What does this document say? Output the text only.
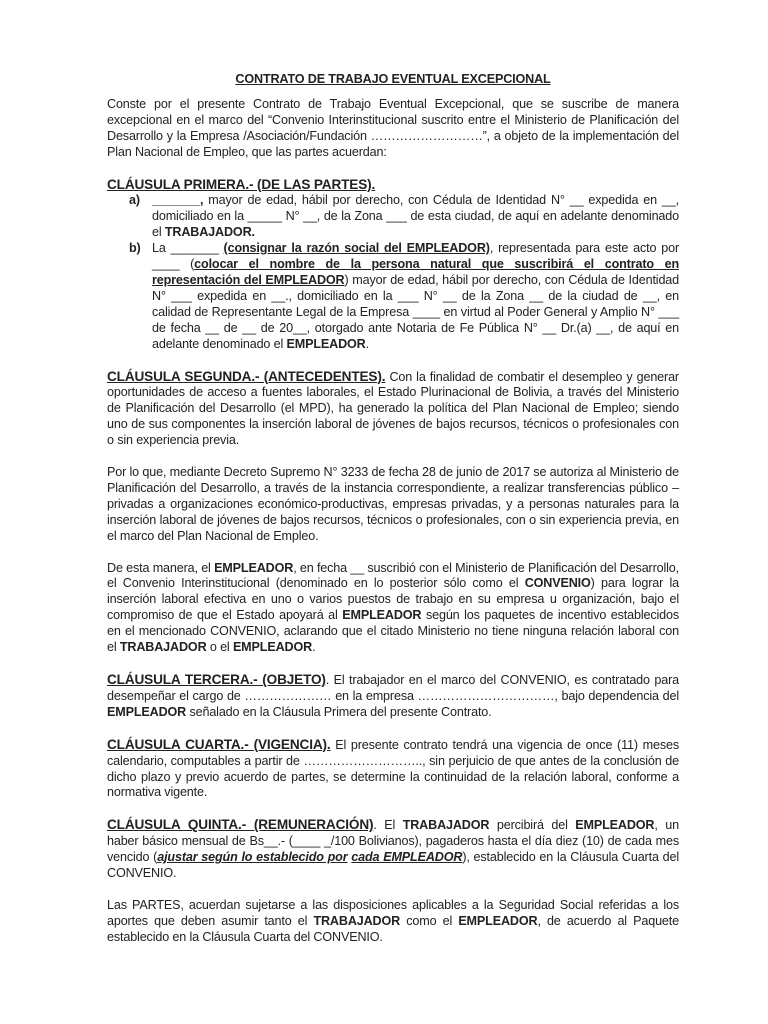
CONTRATO DE TRABAJO EVENTUAL EXCEPCIONAL

Conste por el presente Contrato de Trabajo Eventual Excepcional, que se suscribe de manera excepcional en el marco del “Convenio Interinstitucional suscrito entre el Ministerio de Planificación del Desarrollo y la Empresa /Asociación/Fundación ………………………”, a objeto de la implementación del Plan Nacional de Empleo, que las partes acuerdan:

CLÁUSULA PRIMERA.- (DE LAS PARTES).
a) _______, mayor de edad, hábil por derecho, con Cédula de Identidad N° __ expedida en __, domiciliado en la _____ N° __, de la Zona ___ de esta ciudad, de aquí en adelante denominado el TRABAJADOR.
b) La _______ (consignar la razón social del EMPLEADOR), representada para este acto por ____ (colocar el nombre de la persona natural que suscribirá el contrato en representación del EMPLEADOR) mayor de edad, hábil por derecho, con Cédula de Identidad N° ___ expedida en __., domiciliado en la ___ N° __ de la Zona __ de la ciudad de __, en calidad de Representante Legal de la Empresa ____ en virtud al Poder General y Amplio N° ___ de fecha __ de __ de 20__, otorgado ante Notaria de Fe Pública N° __ Dr.(a) __, de aquí en adelante denominado el EMPLEADOR.

CLÁUSULA SEGUNDA.- (ANTECEDENTES). Con la finalidad de combatir el desempleo y generar oportunidades de acceso a fuentes laborales, el Estado Plurinacional de Bolivia, a través del Ministerio de Planificación del Desarrollo (el MPD), ha generado la política del Plan Nacional de Empleo; siendo uno de sus componentes la inserción laboral de jóvenes de bajos recursos, técnicos o profesionales con o sin experiencia previa.

Por lo que, mediante Decreto Supremo N° 3233 de fecha 28 de junio de 2017 se autoriza al Ministerio de Planificación del Desarrollo, a través de la instancia correspondiente, a realizar transferencias público – privadas a organizaciones económico-productivas, empresas privadas, y a personas naturales para la inserción laboral de jóvenes de bajos recursos, técnicos o profesionales, con o sin experiencia previa, en el marco del Plan Nacional de Empleo.

De esta manera, el EMPLEADOR, en fecha __ suscribió con el Ministerio de Planificación del Desarrollo, el Convenio Interinstitucional (denominado en lo posterior sólo como el CONVENIO) para lograr la inserción laboral efectiva en uno o varios puestos de trabajo en su empresa u organización, bajo el compromiso de que el Estado apoyará al EMPLEADOR según los paquetes de incentivo establecidos en el mencionado CONVENIO, aclarando que el citado Ministerio no tiene ninguna relación laboral con el TRABAJADOR o el EMPLEADOR.

CLÁUSULA TERCERA.- (OBJETO). El trabajador en el marco del CONVENIO, es contratado para desempeñar el cargo de ………………… en la empresa ……………………………, bajo dependencia del EMPLEADOR señalado en la Cláusula Primera del presente Contrato.

CLÁUSULA CUARTA.- (VIGENCIA). El presente contrato tendrá una vigencia de once (11) meses calendario, computables a partir de ……………………….., sin perjuicio de que antes de la conclusión de dicho plazo y previo acuerdo de partes, se determine la continuidad de la relación laboral, conforme a normativa vigente.

CLÁUSULA QUINTA.- (REMUNERACIÓN). El TRABAJADOR percibirá del EMPLEADOR, un haber básico mensual de Bs__.- (____ _/100 Bolivianos), pagaderos hasta el día diez (10) de cada mes vencido (ajustar según lo establecido por cada EMPLEADOR), establecido en la Cláusula Cuarta del CONVENIO.

Las PARTES, acuerdan sujetarse a las disposiciones aplicables a la Seguridad Social referidas a los aportes que deben asumir tanto el TRABAJADOR como el EMPLEADOR, de acuerdo al Paquete establecido en la Cláusula Cuarta del CONVENIO.
